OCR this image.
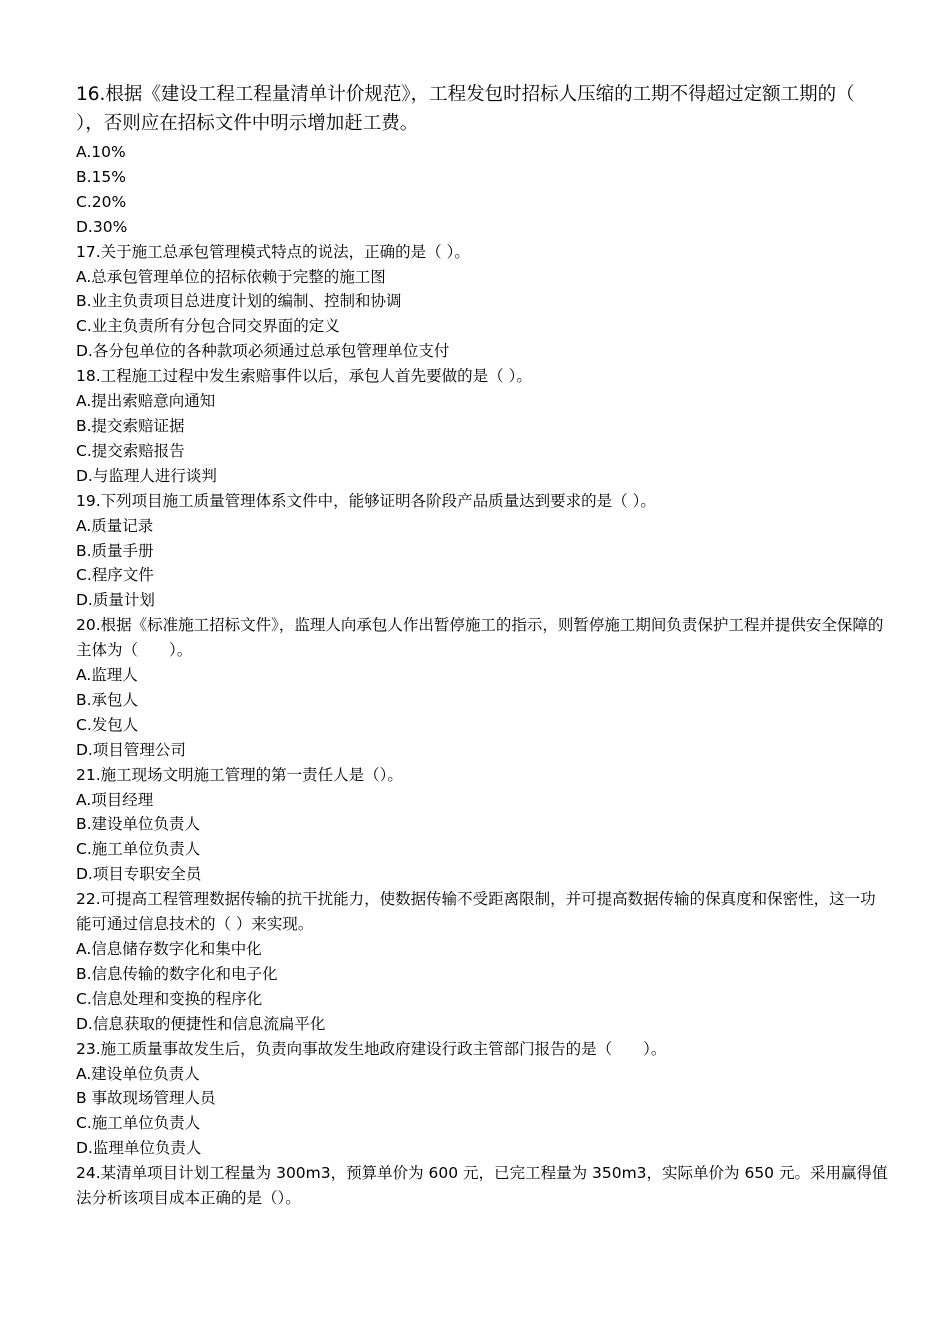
16.根据《建设工程工程量清单计价规范》，工程发包时招标人压缩的工期不得超过定额工期的（ ），否则应在招标文件中明示增加赶工费。

A.10%

B.15%

C.20%

D.30%

17.关于施工总承包管理模式特点的说法，正确的是（ ）。

A.总承包管理单位的招标依赖于完整的施工图

B.业主负责项目总进度计划的编制、控制和协调

C.业主负责所有分包合同交界面的定义

D.各分包单位的各种款项必须通过总承包管理单位支付

18.工程施工过程中发生索赔事件以后，承包人首先要做的是（ ）。

A.提出索赔意向通知

B.提交索赔证据

C.提交索赔报告

D.与监理人进行谈判

19.下列项目施工质量管理体系文件中，能够证明各阶段产品质量达到要求的是（ ）。

A.质量记录

B.质量手册

C.程序文件

D.质量计划

20.根据《标准施工招标文件》，监理人向承包人作出暂停施工的指示，则暂停施工期间负责保护工程并提供安全保障的主体为（　　）。

A.监理人

B.承包人

C.发包人

D.项目管理公司

21.施工现场文明施工管理的第一责任人是（）。

A.项目经理

B.建设单位负责人

C.施工单位负责人

D.项目专职安全员

22.可提高工程管理数据传输的抗干扰能力，使数据传输不受距离限制，并可提高数据传输的保真度和保密性，这一功能可通过信息技术的（ ）来实现。

A.信息储存数字化和集中化

B.信息传输的数字化和电子化

C.信息处理和变换的程序化

D.信息获取的便捷性和信息流扁平化

23.施工质量事故发生后，负责向事故发生地政府建设行政主管部门报告的是（　　）。

A.建设单位负责人

B 事故现场管理人员

C.施工单位负责人

D.监理单位负责人

24.某清单项目计划工程量为 300m3，预算单价为 600 元，已完工程量为 350m3，实际单价为 650 元。采用赢得值法分析该项目成本正确的是（）。
